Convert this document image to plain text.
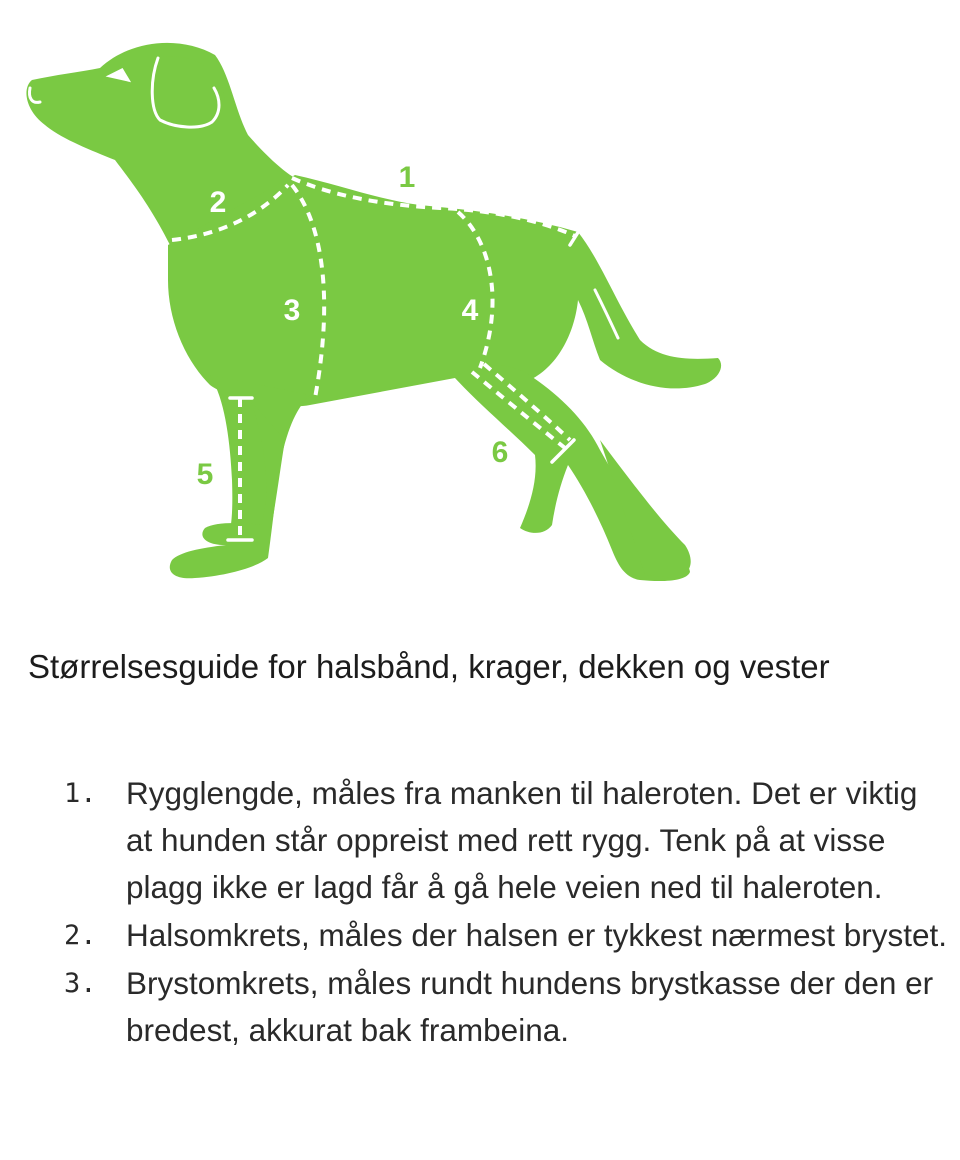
1
2
3	4
5
6
Størrelsesguide for halsbånd, krager, dekken og vester
1. Rygglengde, måles fra manken til haleroten. Det er viktig at hunden står oppreist med rett rygg. Tenk på at visse plagg ikke er lagd får å gå hele veien ned til haleroten.
2. Halsomkrets, måles der halsen er tykkest nærmest brystet.
3. Brystomkrets, måles rundt hundens brystkasse der den er bredest, akkurat bak frambeina.
